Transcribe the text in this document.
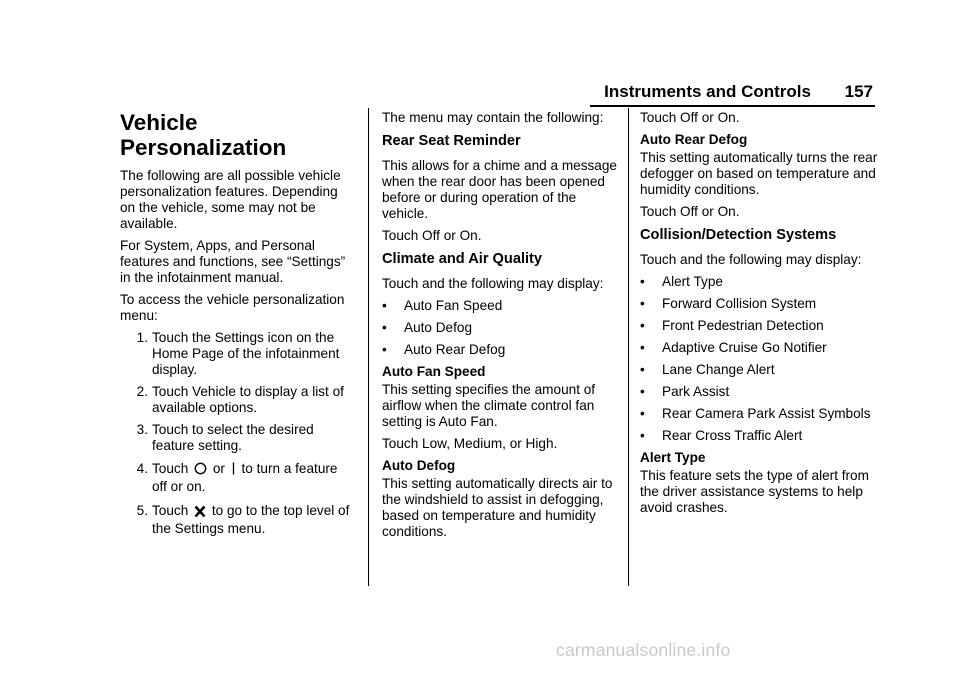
Instruments and Controls 157
Vehicle
Personalization

The following are all possible vehicle personalization features. Depending on the vehicle, some may not be available.

For System, Apps, and Personal features and functions, see “Settings” in the infotainment manual.

To access the vehicle personalization menu:

1. Touch the Settings icon on the Home Page of the infotainment display.
2. Touch Vehicle to display a list of available options.
3. Touch to select the desired feature setting.
4. Touch or to turn a feature off or on.
5. Touch to go to the top level of the Settings menu.

The menu may contain the following:

Rear Seat Reminder

This allows for a chime and a message when the rear door has been opened before or during operation of the vehicle.

Touch Off or On.

Climate and Air Quality

Touch and the following may display:

•	Auto Fan Speed
•	Auto Defog
•	Auto Rear Defog
Auto Fan Speed

This setting specifies the amount of airflow when the climate control fan setting is Auto Fan.

Touch Low, Medium, or High.

Auto Defog

This setting automatically directs air to the windshield to assist in defogging, based on temperature and humidity conditions.

Touch Off or On.

Auto Rear Defog

This setting automatically turns the rear defogger on based on temperature and humidity conditions.

Touch Off or On.

Collision/Detection Systems

Touch and the following may display:

•	Alert Type
•	Forward Collision System
•	Front Pedestrian Detection
•	Adaptive Cruise Go Notifier
•	Lane Change Alert
•	Park Assist
•	Rear Camera Park Assist Symbols
•	Rear Cross Traffic Alert
Alert Type

This feature sets the type of alert from the driver assistance systems to help avoid crashes.

carmanualsonline.info
